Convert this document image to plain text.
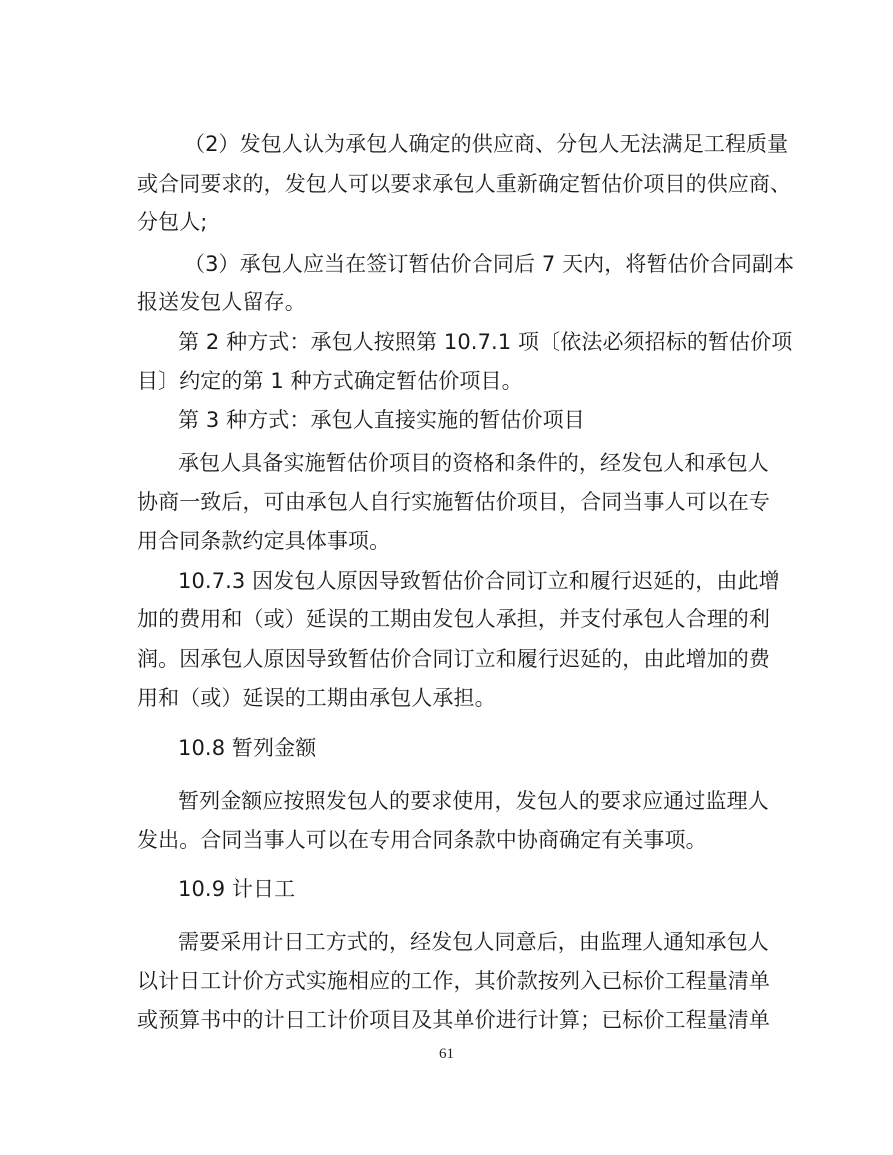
（2）发包人认为承包人确定的供应商、分包人无法满足工程质量
或合同要求的，发包人可以要求承包人重新确定暂估价项目的供应商、
分包人;
（3）承包人应当在签订暂估价合同后 7 天内，将暂估价合同副本
报送发包人留存。
第 2 种方式：承包人按照第 10.7.1 项〔依法必须招标的暂估价项
目〕约定的第 1 种方式确定暂估价项目。
第 3 种方式：承包人直接实施的暂估价项目
承包人具备实施暂估价项目的资格和条件的，经发包人和承包人
协商一致后，可由承包人自行实施暂估价项目，合同当事人可以在专
用合同条款约定具体事项。
10.7.3 因发包人原因导致暂估价合同订立和履行迟延的，由此增
加的费用和（或）延误的工期由发包人承担，并支付承包人合理的利
润。因承包人原因导致暂估价合同订立和履行迟延的，由此增加的费
用和（或）延误的工期由承包人承担。
10.8 暂列金额
暂列金额应按照发包人的要求使用，发包人的要求应通过监理人
发出。合同当事人可以在专用合同条款中协商确定有关事项。
10.9 计日工
需要采用计日工方式的，经发包人同意后，由监理人通知承包人
以计日工计价方式实施相应的工作，其价款按列入已标价工程量清单
或预算书中的计日工计价项目及其单价进行计算；已标价工程量清单
61
